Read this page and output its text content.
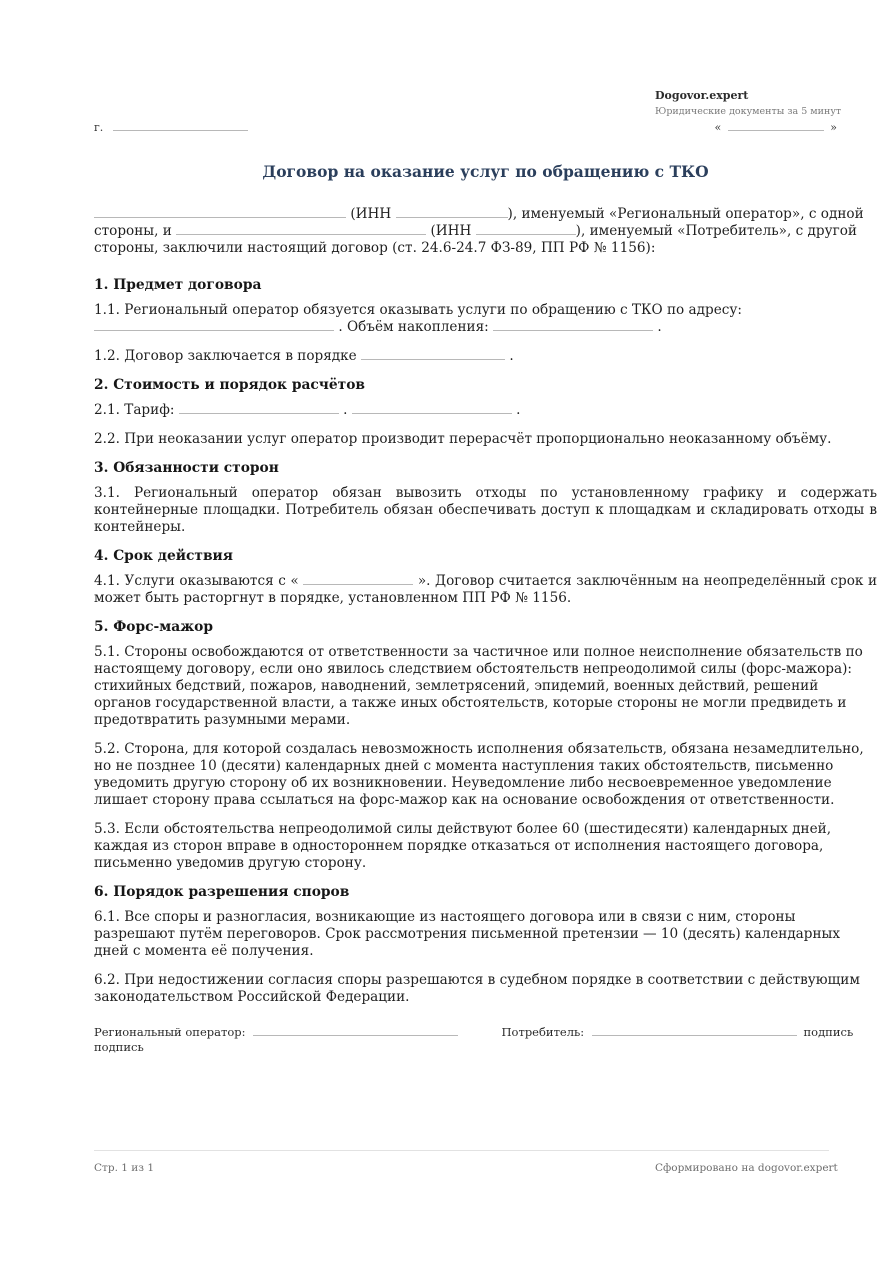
Dogovor.expert
Юридические документы за 5 минут
г.	«	»
Договор на оказание услуг по обращению с ТКО

(ИНН	), именуемый «Региональный оператор», с одной
стороны, и	(ИНН	), именуемый «Потребитель», с другой
стороны, заключили настоящий договор (ст. 24.6-24.7 ФЗ-89, ПП РФ № 1156):

1. Предмет договора

1.1. Региональный оператор обязуется оказывать услуги по обращению с ТКО по адресу:
. Объём накопления:	.

1.2. Договор заключается в порядке	.

2. Стоимость и порядок расчётов

2.1. Тариф:	.	.

2.2. При неоказании услуг оператор производит перерасчёт пропорционально неоказанному объёму.

3. Обязанности сторон

3.1. Региональный оператор обязан вывозить отходы по установленному графику и содержать контейнерные площадки. Потребитель обязан обеспечивать доступ к площадкам и складировать отходы в контейнеры.

4. Срок действия

4.1. Услуги оказываются с «	». Договор считается заключённым на неопределённый срок и может быть расторгнут в порядке, установленном ПП РФ № 1156.

5. Форс-мажор

5.1. Стороны освобождаются от ответственности за частичное или полное неисполнение обязательств по настоящему договору, если оно явилось следствием обстоятельств непреодолимой силы (форс-мажора): стихийных бедствий, пожаров, наводнений, землетрясений, эпидемий, военных действий, решений органов государственной власти, а также иных обстоятельств, которые стороны не могли предвидеть и предотвратить разумными мерами.

5.2. Сторона, для которой создалась невозможность исполнения обязательств, обязана незамедлительно, но не позднее 10 (десяти) календарных дней с момента наступления таких обстоятельств, письменно уведомить другую сторону об их возникновении. Неуведомление либо несвоевременное уведомление лишает сторону права ссылаться на форс-мажор как на основание освобождения от ответственности.

5.3. Если обстоятельства непреодолимой силы действуют более 60 (шестидесяти) календарных дней, каждая из сторон вправе в одностороннем порядке отказаться от исполнения настоящего договора, письменно уведомив другую сторону.

6. Порядок разрешения споров

6.1. Все споры и разногласия, возникающие из настоящего договора или в связи с ним, стороны разрешают путём переговоров. Срок рассмотрения письменной претензии — 10 (десять) календарных дней с момента её получения.

6.2. При недостижении согласия споры разрешаются в судебном порядке в соответствии с действующим законодательством Российской Федерации.

Региональный оператор:	Потребитель:	подпись
подпись
Стр. 1 из 1	Сформировано на dogovor.expert
